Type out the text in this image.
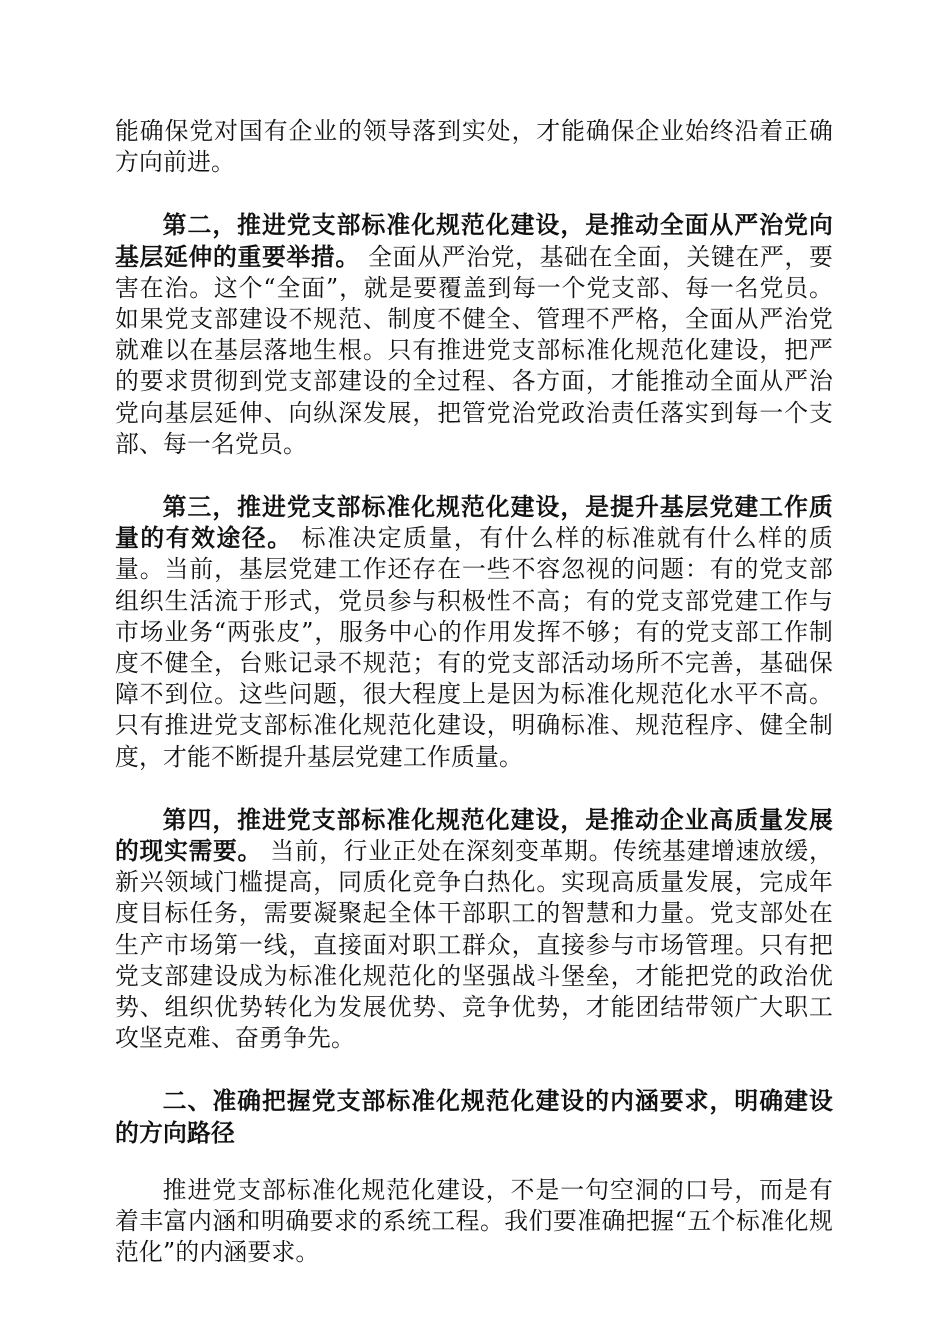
能确保党对国有企业的领导落到实处，才能确保企业始终沿着正确方向前进。

第二，推进党支部标准化规范化建设，是推动全面从严治党向基层延伸的重要举措。 全面从严治党，基础在全面，关键在严，要害在治。这个“全面”，就是要覆盖到每一个党支部、每一名党员。如果党支部建设不规范、制度不健全、管理不严格，全面从严治党就难以在基层落地生根。只有推进党支部标准化规范化建设，把严的要求贯彻到党支部建设的全过程、各方面，才能推动全面从严治党向基层延伸、向纵深发展，把管党治党政治责任落实到每一个支部、每一名党员。

第三，推进党支部标准化规范化建设，是提升基层党建工作质量的有效途径。 标准决定质量，有什么样的标准就有什么样的质量。当前，基层党建工作还存在一些不容忽视的问题：有的党支部组织生活流于形式，党员参与积极性不高；有的党支部党建工作与市场业务“两张皮”，服务中心的作用发挥不够；有的党支部工作制度不健全，台账记录不规范；有的党支部活动场所不完善，基础保障不到位。这些问题，很大程度上是因为标准化规范化水平不高。只有推进党支部标准化规范化建设，明确标准、规范程序、健全制度，才能不断提升基层党建工作质量。

第四，推进党支部标准化规范化建设，是推动企业高质量发展的现实需要。 当前，行业正处在深刻变革期。传统基建增速放缓，新兴领域门槛提高，同质化竞争白热化。实现高质量发展，完成年度目标任务，需要凝聚起全体干部职工的智慧和力量。党支部处在生产市场第一线，直接面对职工群众，直接参与市场管理。只有把党支部建设成为标准化规范化的坚强战斗堡垒，才能把党的政治优势、组织优势转化为发展优势、竞争优势，才能团结带领广大职工攻坚克难、奋勇争先。

二、准确把握党支部标准化规范化建设的内涵要求，明确建设的方向路径

推进党支部标准化规范化建设，不是一句空洞的口号，而是有着丰富内涵和明确要求的系统工程。我们要准确把握“五个标准化规范化”的内涵要求。
